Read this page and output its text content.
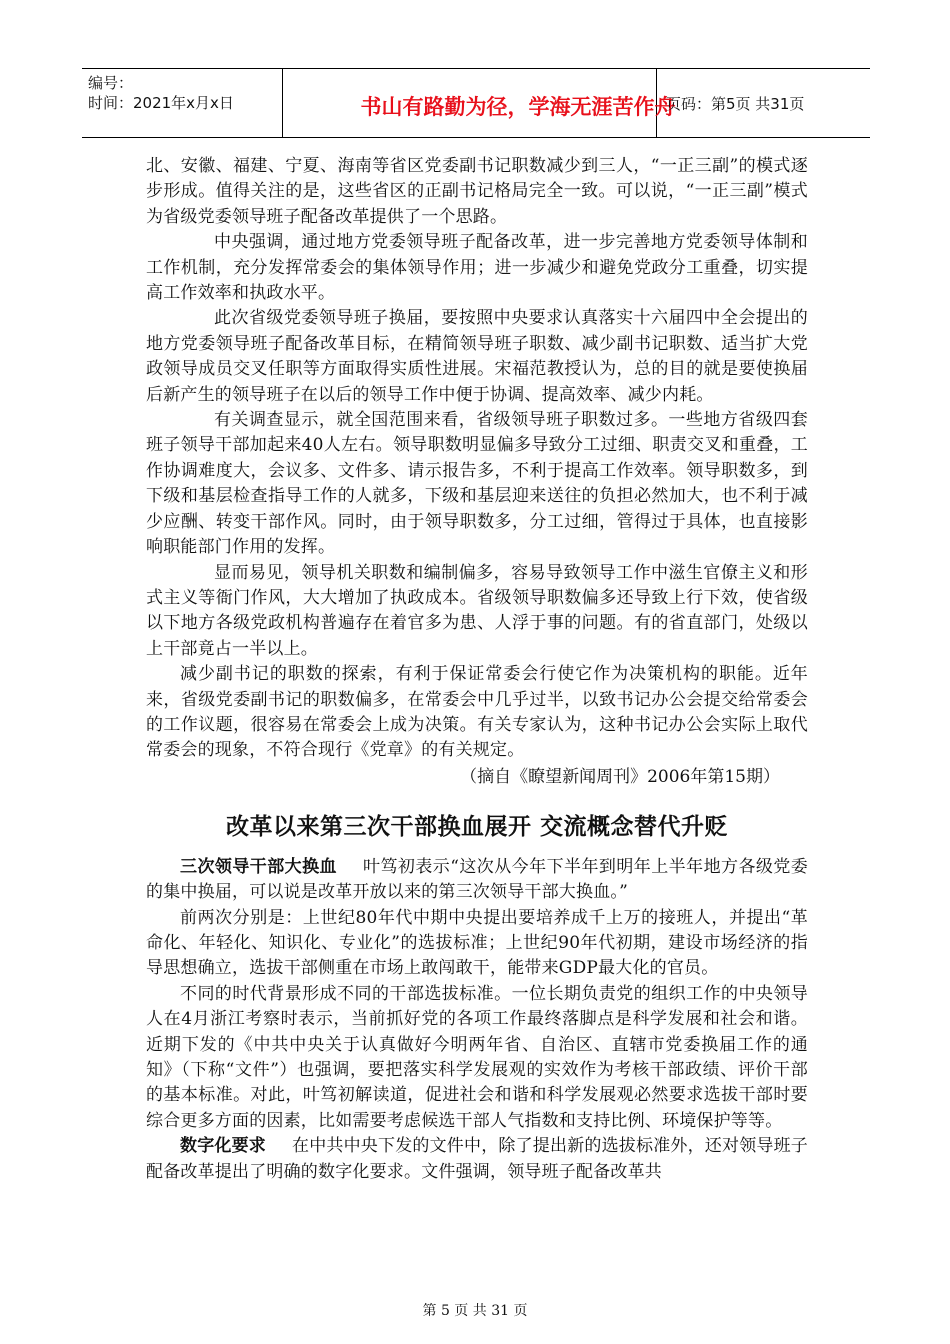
编号：
时间：2021年x月x日	书山有路勤为径，学海无涯苦作舟
页码：第5页 共31页

北、安徽、福建、宁夏、海南等省区党委副书记职数减少到三人，“一正三副”的模式逐步形成。值得关注的是，这些省区的正副书记格局完全一致。可以说，“一正三副”模式为省级党委领导班子配备改革提供了一个思路。

中央强调，通过地方党委领导班子配备改革，进一步完善地方党委领导体制和工作机制，充分发挥常委会的集体领导作用；进一步减少和避免党政分工重叠，切实提高工作效率和执政水平。

此次省级党委领导班子换届，要按照中央要求认真落实十六届四中全会提出的地方党委领导班子配备改革目标，在精简领导班子职数、减少副书记职数、适当扩大党政领导成员交叉任职等方面取得实质性进展。宋福范教授认为，总的目的就是要使换届后新产生的领导班子在以后的领导工作中便于协调、提高效率、减少内耗。

有关调查显示，就全国范围来看，省级领导班子职数过多。一些地方省级四套班子领导干部加起来40人左右。领导职数明显偏多导致分工过细、职责交叉和重叠，工作协调难度大，会议多、文件多、请示报告多，不利于提高工作效率。领导职数多，到下级和基层检查指导工作的人就多，下级和基层迎来送往的负担必然加大，也不利于减少应酬、转变干部作风。同时，由于领导职数多，分工过细，管得过于具体，也直接影响职能部门作用的发挥。

显而易见，领导机关职数和编制偏多，容易导致领导工作中滋生官僚主义和形式主义等衙门作风，大大增加了执政成本。省级领导职数偏多还导致上行下效，使省级以下地方各级党政机构普遍存在着官多为患、人浮于事的问题。有的省直部门，处级以上干部竟占一半以上。

减少副书记的职数的探索，有利于保证常委会行使它作为决策机构的职能。近年来，省级党委副书记的职数偏多，在常委会中几乎过半，以致书记办公会提交给常委会的工作议题，很容易在常委会上成为决策。有关专家认为，这种书记办公会实际上取代常委会的现象，不符合现行《党章》的有关规定。

（摘自《瞭望新闻周刊》2006年第15期）

改革以来第三次干部换血展开 交流概念替代升贬

三次领导干部大换血 叶笃初表示“这次从今年下半年到明年上半年地方各级党委的集中换届，可以说是改革开放以来的第三次领导干部大换血。”

前两次分别是：上世纪80年代中期中央提出要培养成千上万的接班人，并提出“革命化、年轻化、知识化、专业化”的选拔标准；上世纪90年代初期，建设市场经济的指导思想确立，选拔干部侧重在市场上敢闯敢干，能带来GDP最大化的官员。

不同的时代背景形成不同的干部选拔标准。一位长期负责党的组织工作的中央领导人在4月浙江考察时表示，当前抓好党的各项工作最终落脚点是科学发展和社会和谐。近期下发的《中共中央关于认真做好今明两年省、自治区、直辖市党委换届工作的通知》（下称“文件”）也强调，要把落实科学发展观的实效作为考核干部政绩、评价干部的基本标准。对此，叶笃初解读道，促进社会和谐和科学发展观必然要求选拔干部时要综合更多方面的因素，比如需要考虑候选干部人气指数和支持比例、环境保护等等。

数字化要求 在中共中央下发的文件中，除了提出新的选拔标准外，还对领导班子配备改革提出了明确的数字化要求。文件强调，领导班子配备改革共

第 5 页 共 31 页
